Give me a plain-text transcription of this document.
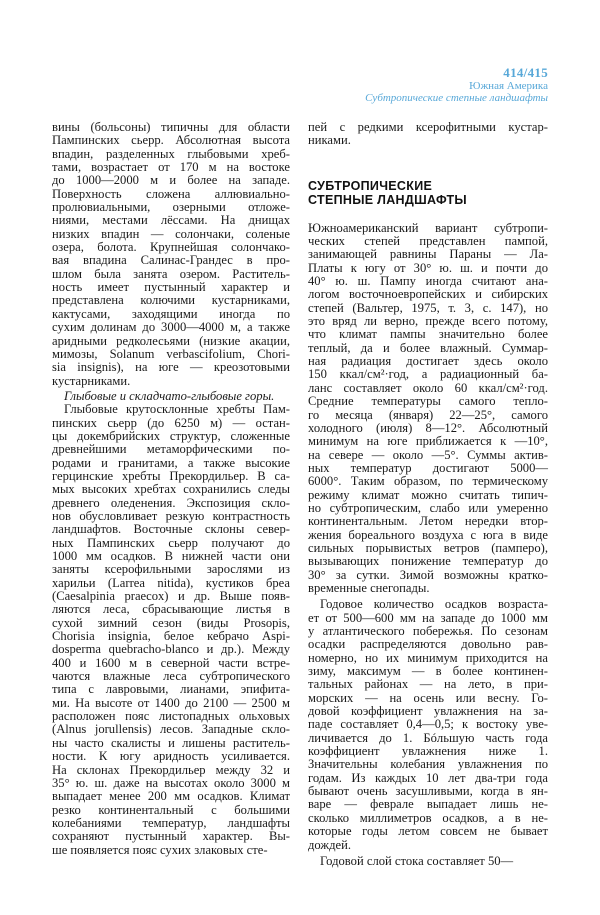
414/415
Южная Америка
Субтропические степные ландшафты
вины (больсоны) типичны для области
Пампинских сьерр. Абсолютная высота
впадин, разделенных глыбовыми хреб-
тами, возрастает от 170 м на востоке
до 1000—2000 м и более на западе.
Поверхность сложена аллювиально-
пролювиальными, озерными отложе-
ниями, местами лёссами. На днищах
низких впадин — солончаки, соленые
озера, болота. Крупнейшая солончако-
вая впадина Салинас-Грандес в про-
шлом была занята озером. Раститель-
ность имеет пустынный характер и
представлена колючими кустарниками,
кактусами, заходящими иногда по
сухим долинам до 3000—4000 м, а также
аридными редколесьями (низкие акации,
мимозы, Solanum verbascifolium, Chori-
sia insignis), на юге — креозотовыми
кустарниками.
Глыбовые и складчато-глыбовые горы.
Глыбовые крутосклонные хребты Пам-
пинских сьерр (до 6250 м) — остан-
цы докембрийских структур, сложенные
древнейшими метаморфическими по-
родами и гранитами, а также высокие
герцинские хребты Прекордильер. В са-
мых высоких хребтах сохранились следы
древнего оледенения. Экспозиция скло-
нов обусловливает резкую контрастность
ландшафтов. Восточные склоны север-
ных Пампинских сьерр получают до
1000 мм осадков. В нижней части они
заняты ксерофильными зарослями из
харильи (Larrea nitida), кустиков бреа
(Caesalpinia praecox) и др. Выше появ-
ляются леса, сбрасывающие листья в
сухой зимний сезон (виды Prosopis,
Chorisia insignia, белое кебрачо Aspi-
dosperma quebracho-blanco и др.). Между
400 и 1600 м в северной части встре-
чаются влажные леса субтропического
типа с лавровыми, лианами, эпифита-
ми. На высоте от 1400 до 2100 — 2500 м
расположен пояс листопадных ольховых
(Alnus jorullensis) лесов. Западные скло-
ны часто скалисты и лишены раститель-
ности. К югу аридность усиливается.
На склонах Прекордильер между 32 и
35° ю. ш. даже на высотах около 3000 м
выпадает менее 200 мм осадков. Климат
резко континентальный с большими
колебаниями температур, ландшафты
сохраняют пустынный характер. Вы-
ше появляется пояс сухих злаковых сте-
пей с редкими ксерофитными кустар-
никами.
СУБТРОПИЧЕСКИЕ
СТЕПНЫЕ ЛАНДШАФТЫ
Южноамериканский вариант субтропи-
ческих степей представлен пампой,
занимающей равнины Параны — Ла-
Платы к югу от 30° ю. ш. и почти до
40° ю. ш. Пампу иногда считают ана-
логом восточноевропейских и сибирских
степей (Вальтер, 1975, т. 3, с. 147), но
это вряд ли верно, прежде всего потому,
что климат пампы значительно более
теплый, да и более влажный. Суммар-
ная радиация достигает здесь около
150 ккал/см²·год, а радиационный ба-
ланс составляет около 60 ккал/см²·год.
Средние температуры самого тепло-
го месяца (января) 22—25°, самого
холодного (июля) 8—12°. Абсолютный
минимум на юге приближается к —10°,
на севере — около —5°. Суммы актив-
ных температур достигают 5000—
6000°. Таким образом, по термическому
режиму климат можно считать типич-
но субтропическим, слабо или умеренно
континентальным. Летом нередки втор-
жения бореального воздуха с юга в виде
сильных порывистых ветров (памперо),
вызывающих понижение температур до
30° за сутки. Зимой возможны кратко-
временные снегопады.
Годовое количество осадков возраста-
ет от 500—600 мм на западе до 1000 мм
у атлантического побережья. По сезонам
осадки распределяются довольно рав-
номерно, но их минимум приходится на
зиму, максимум — в более континен-
тальных районах — на лето, в при-
морских — на осень или весну. Го-
довой коэффициент увлажнения на за-
паде составляет 0,4—0,5; к востоку уве-
личивается до 1. Бóльшую часть года
коэффициент увлажнения ниже 1.
Значительны колебания увлажнения по
годам. Из каждых 10 лет два-три года
бывают очень засушливыми, когда в ян-
варе — феврале выпадает лишь не-
сколько миллиметров осадков, а в не-
которые годы летом совсем не бывает
дождей.
Годовой слой стока составляет 50—
